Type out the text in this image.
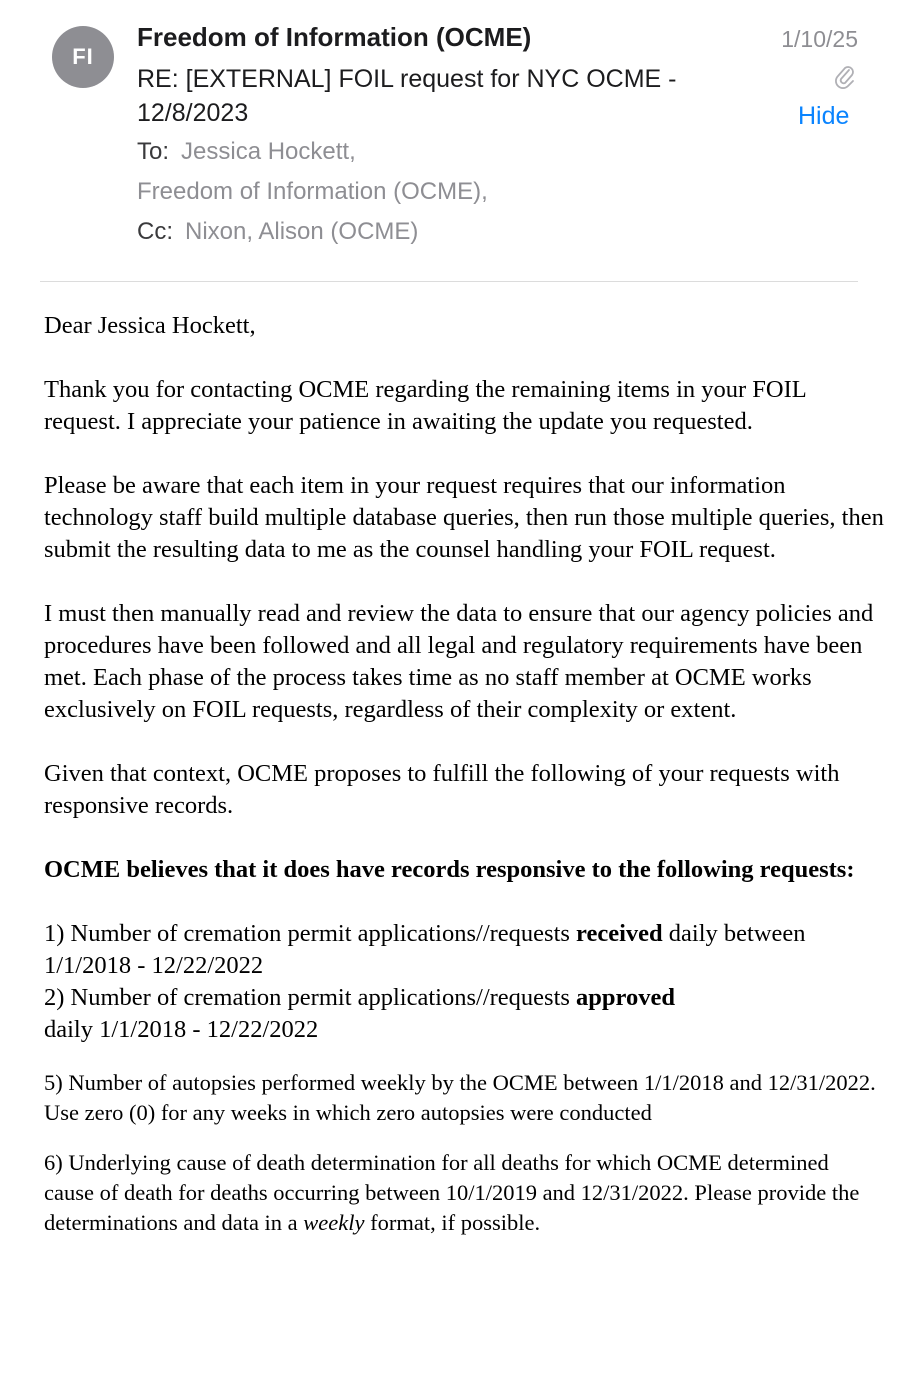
FI
Freedom of Information (OCME)
RE: [EXTERNAL] FOIL request for NYC OCME - 12/8/2023
1/10/25
Hide
To: Jessica Hockett,
Freedom of Information (OCME),
Cc: Nixon, Alison (OCME)

Dear Jessica Hockett,

Thank you for contacting OCME regarding the remaining items in your FOIL request. I appreciate your patience in awaiting the update you requested.

Please be aware that each item in your request requires that our information technology staff build multiple database queries, then run those multiple queries, then submit the resulting data to me as the counsel handling your FOIL request.

I must then manually read and review the data to ensure that our agency policies and procedures have been followed and all legal and regulatory requirements have been met. Each phase of the process takes time as no staff member at OCME works exclusively on FOIL requests, regardless of their complexity or extent.

Given that context, OCME proposes to fulfill the following of your requests with responsive records.

OCME believes that it does have records responsive to the following requests:

1) Number of cremation permit applications//requests received daily between 1/1/2018 - 12/22/2022

2) Number of cremation permit applications//requests approved
daily 1/1/2018 - 12/22/2022

5) Number of autopsies performed weekly by the OCME between 1/1/2018 and 12/31/2022. Use zero (0) for any weeks in which zero autopsies were conducted

6) Underlying cause of death determination for all deaths for which OCME determined cause of death for deaths occurring between 10/1/2019 and 12/31/2022. Please provide the determinations and data in a weekly format, if possible.
